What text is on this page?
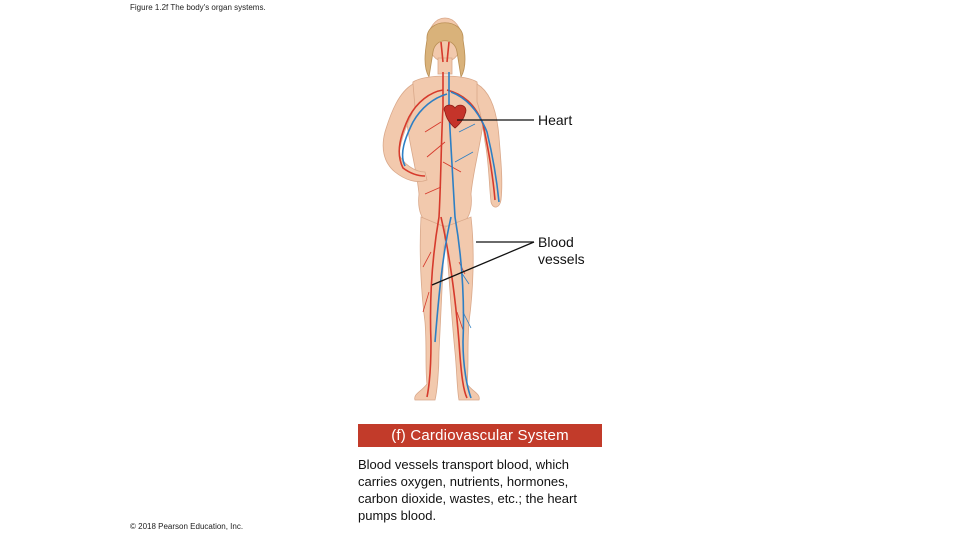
Figure 1.2f The body's organ systems.
Heart
Blood vessels
(f) Cardiovascular System
Blood vessels transport blood, which carries oxygen, nutrients, hormones, carbon dioxide, wastes, etc.; the heart pumps blood.
© 2018 Pearson Education, Inc.
